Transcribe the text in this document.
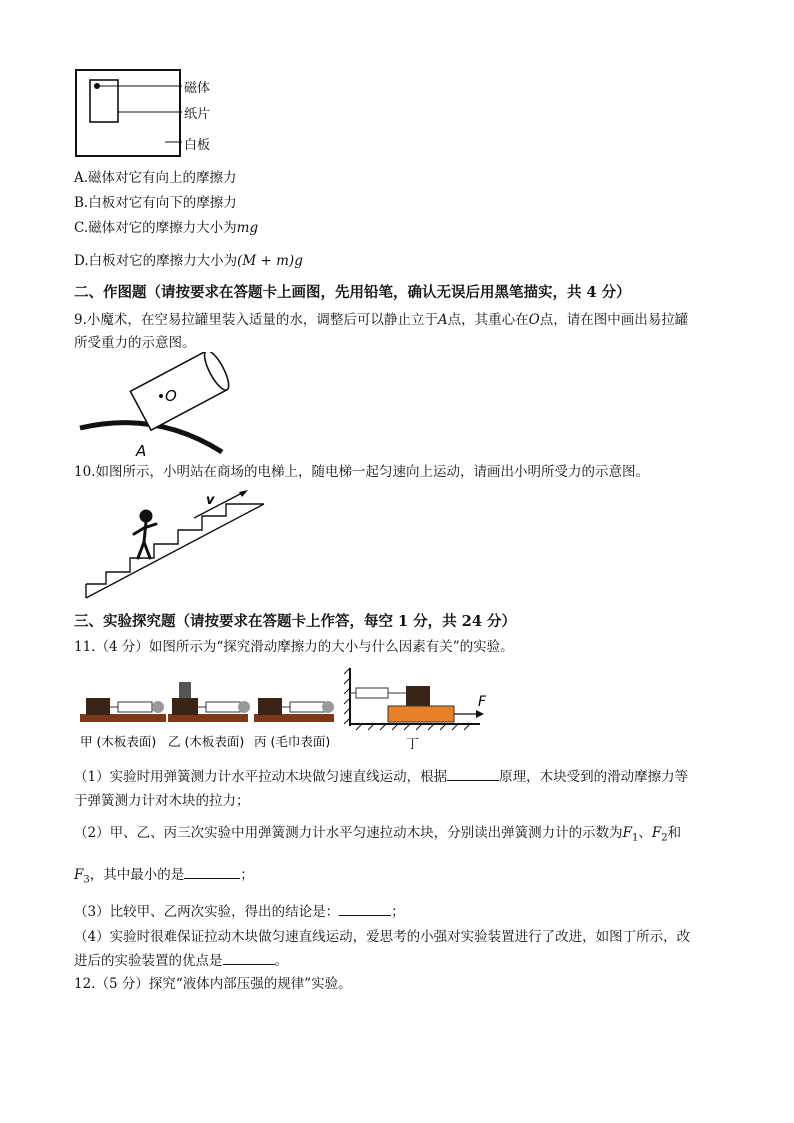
磁体
纸片
白板
A.磁体对它有向上的摩擦力
B.白板对它有向下的摩擦力
C.磁体对它的摩擦力大小为mg
D.白板对它的摩擦力大小为(M + m)g
二、作图题（请按要求在答题卡上画图，先用铅笔，确认无误后用黑笔描实，共 4 分）
9.小魔术，在空易拉罐里装入适量的水，调整后可以静止立于A点，其重心在O点，请在图中画出易拉罐
所受重力的示意图。
O
A
10.如图所示，小明站在商场的电梯上，随电梯一起匀速向上运动，请画出小明所受力的示意图。
v
三、实验探究题（请按要求在答题卡上作答，每空 1 分，共 24 分）
11.（4 分）如图所示为“探究滑动摩擦力的大小与什么因素有关”的实验。
F
甲 (木板表面) 乙 (木板表面) 丙 (毛巾表面)	丁
（1）实验时用弹簧测力计水平拉动木块做匀速直线运动，根据	原理，木块受到的滑动摩擦力等
于弹簧测力计对木块的拉力；
（2）甲、乙、丙三次实验中用弹簧测力计水平匀速拉动木块，分别读出弹簧测力计的示数为$F_1$、$F_2$和
$F_3$，其中最小的是	；
（3）比较甲、乙两次实验，得出的结论是：	；
（4）实验时很难保证拉动木块做匀速直线运动，爱思考的小强对实验装置进行了改进，如图丁所示，改
进后的实验装置的优点是	。
12.（5 分）探究“液体内部压强的规律”实验。
